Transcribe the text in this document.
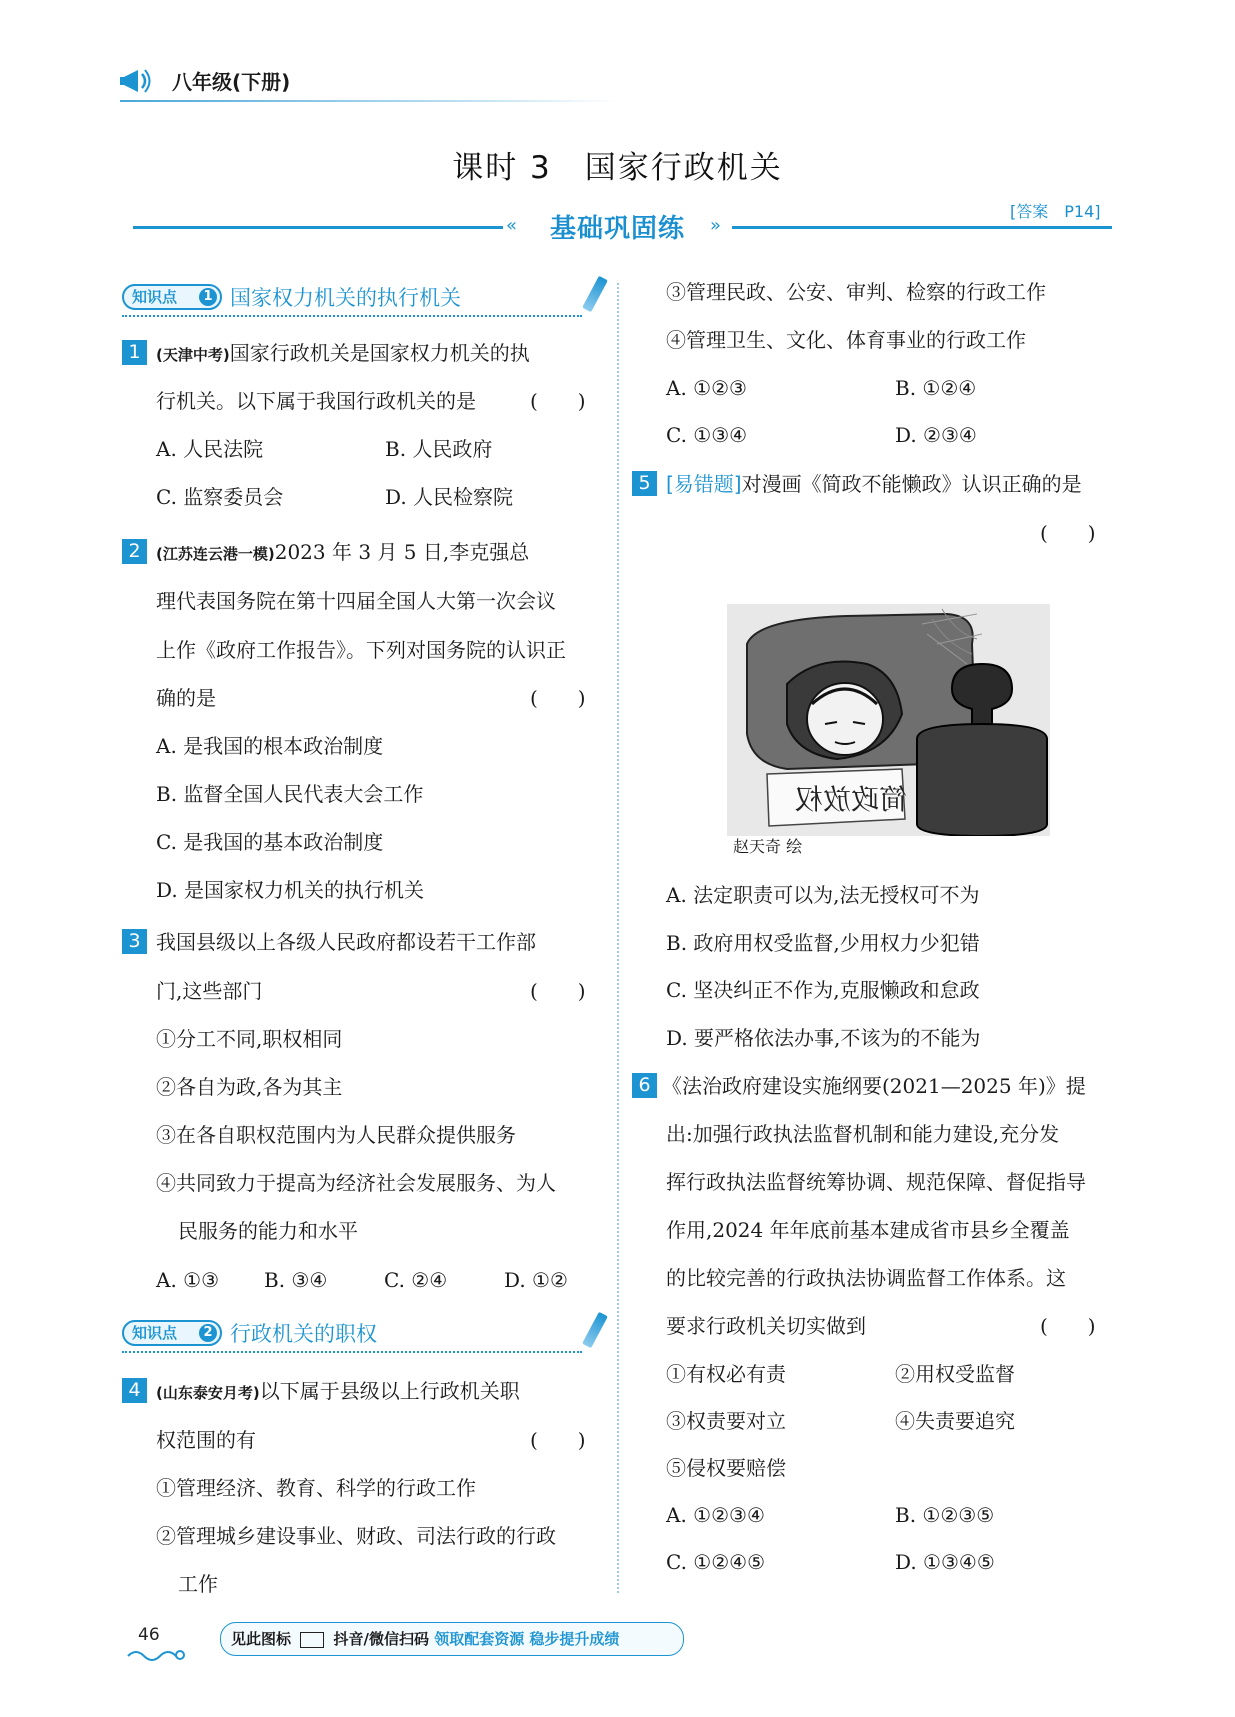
八年级(下册)
课时 3　国家行政机关
«	基础巩固练	»
[答案　P14]
知识点	1 国家权力机关的执行机关
1	(天津中考)国家行政机关是国家权力机关的执
行机关。以下属于我国行政机关的是	(　　)
A. 人民法院	B. 人民政府
C. 监察委员会	D. 人民检察院
2	(江苏连云港一模)2023 年 3 月 5 日,李克强总
理代表国务院在第十四届全国人大第一次会议
上作《政府工作报告》。下列对国务院的认识正
确的是	(　　)
A. 是我国的根本政治制度
B. 监督全国人民代表大会工作
C. 是我国的基本政治制度
D. 是国家权力机关的执行机关
3 我国县级以上各级人民政府都设若干工作部
门,这些部门	(　　)
①分工不同,职权相同
②各自为政,各为其主
③在各自职权范围内为人民群众提供服务
④共同致力于提高为经济社会发展服务、为人
民服务的能力和水平
A. ①③ B. ③④	C. ②④	D. ①②
知识点	2 行政机关的职权
4	(山东泰安月考)以下属于县级以上行政机关职
权范围的有	(　　)
①管理经济、教育、科学的行政工作
②管理城乡建设事业、财政、司法行政的行政
工作
③管理民政、公安、审判、检察的行政工作
④管理卫生、文化、体育事业的行政工作
A. ①②③	B. ①②④
C. ①③④	D. ②③④
5 [易错题]对漫画《简政不能懒政》认识正确的是
(　　)
简政放权
赵天奇 绘
A. 法定职责可以为,法无授权可不为
B. 政府用权受监督,少用权力少犯错
C. 坚决纠正不作为,克服懒政和怠政
D. 要严格依法办事,不该为的不能为
6 《法治政府建设实施纲要(2021—2025 年)》提
出:加强行政执法监督机制和能力建设,充分发
挥行政执法监督统筹协调、规范保障、督促指导
作用,2024 年年底前基本建成省市县乡全覆盖
的比较完善的行政执法协调监督工作体系。这
要求行政机关切实做到	(　　)
①有权必有责	②用权受监督
③权责要对立	④失责要追究
⑤侵权要赔偿
A. ①②③④	B. ①②③⑤
C. ①②④⑤	D. ①③④⑤
46	见此图标	抖音/微信扫码 领取配套资源 稳步提升成绩
